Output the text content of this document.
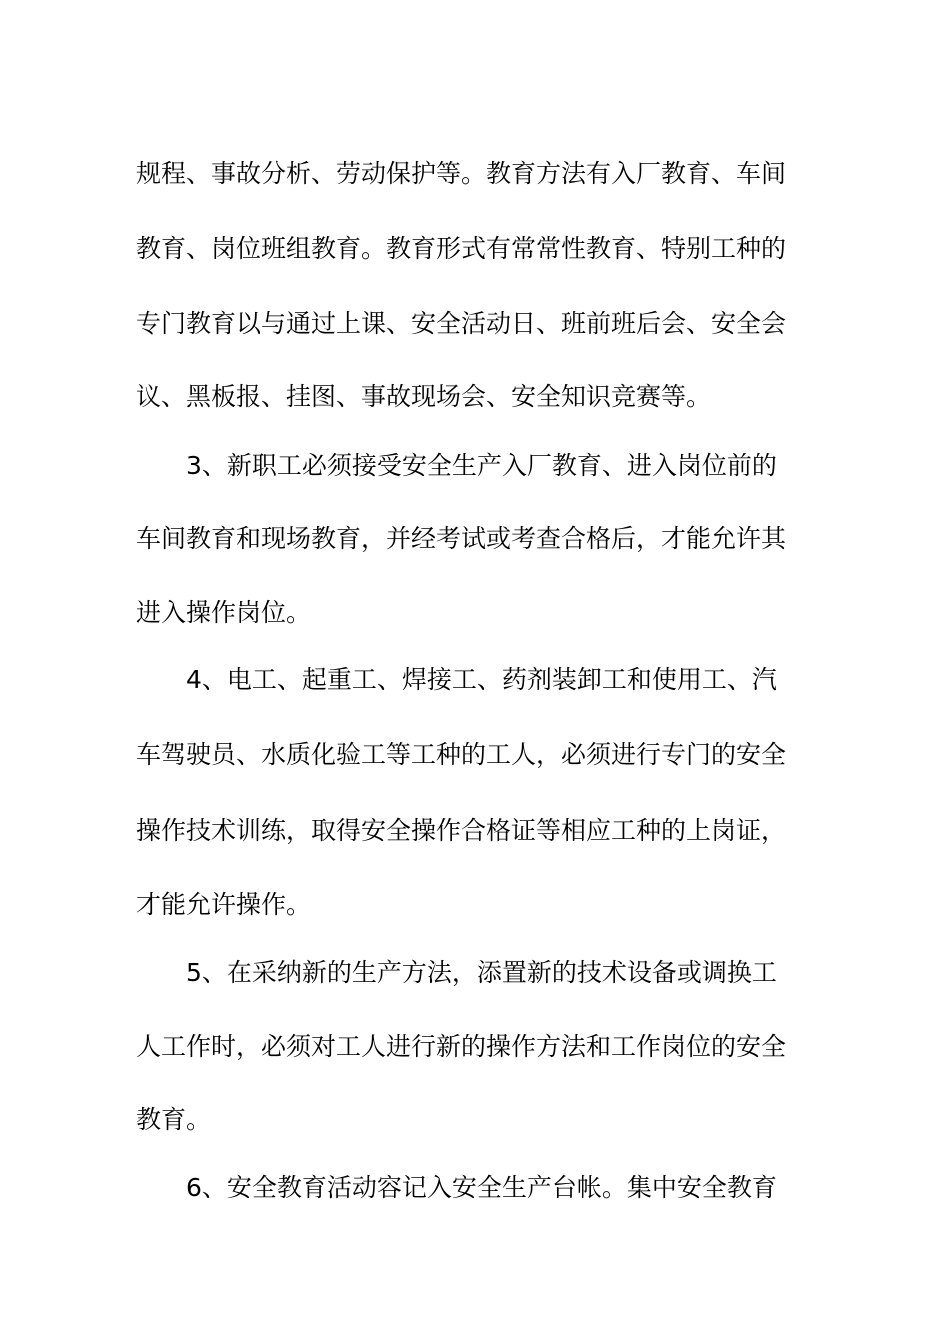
规程、事故分析、劳动保护等。教育方法有入厂教育、车间
教育、岗位班组教育。教育形式有常常性教育、特别工种的
专门教育以与通过上课、安全活动日、班前班后会、安全会
议、黑板报、挂图、事故现场会、安全知识竞赛等。
3、新职工必须接受安全生产入厂教育、进入岗位前的
车间教育和现场教育，并经考试或考查合格后，才能允许其
进入操作岗位。
4、电工、起重工、焊接工、药剂装卸工和使用工、汽
车驾驶员、水质化验工等工种的工人，必须进行专门的安全
操作技术训练，取得安全操作合格证等相应工种的上岗证，
才能允许操作。
5、在采纳新的生产方法，添置新的技术设备或调换工
人工作时，必须对工人进行新的操作方法和工作岗位的安全
教育。
6、安全教育活动容记入安全生产台帐。集中安全教育
